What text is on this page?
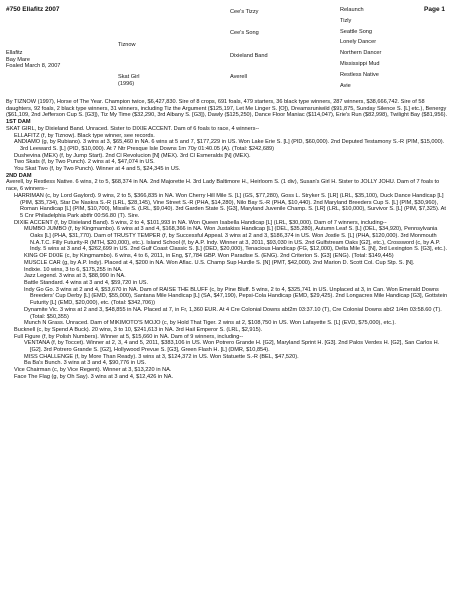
#750 Ellafitz 2007	Page 1
Ellafitz
Bay Mare
Foaled March 8, 2007
Tiznow
Skat Girl
(1996)
Cee's Tizzy
Cee's Song
Dixieland Band
Averell
Relaunch
Tizly
Seattle Song
Lonely Dancer
Northern Dancer
Mississippi Mud
Restless Native
Avie
By TIZNOW (1997), Horse of The Year. Champion twice, $6,427,830. Sire of 8 crops, 691 foals, 479 starters, 36 black type winners, 287 winners, $38,666,742. Sire of 58 daughters, 92 foals, 2 black type winners, 31 winners, including Tiz the Argument ($125,197, Let Me Linger S. [O]), Dreamsruniwild ($91,875, Sunday Silence S. [L] etc.), Benergy ($61,109, 2nd Jefferson Cup S. [G3]), Tiz My Time ($32,290, 3rd Albany S. [G3]), Dawly ($125,250), Dance Floor Maniac ($114,047), Erie's Run ($82,998), Twilight Bay ($81,956).
1ST DAM
SKAT GIRL, by Dixieland Band. Unraced. Sister to DIXIE ACCENT. Dam of 6 foals to race, 4 winners--
ELLAFITZ (f, by Tiznow). Black type winner, see records.
ANDIAMO (g, by Rubiano). 3 wins at 3, $65,460 in NA. 6 wins at 5 and 7, $177,229 in US. Won Lake Erie S. [L] (PID, $60,000). 2nd Deputed Testamony S.-R (PIM, $15,000). 3rd Leeward S. [L] (PID, $10,000). At 7 Ntr Presque Isle Downs 1m 70y 01:40.05 (A). (Total: $242,689)
Dushevina (MEX) (f, by Jump Start). 2nd Cl Revolucion [N] (MEX). 3rd Cl Esmeralds [N] (MEX).
Two Skats (f, by Two Punch). 2 wins at 4, $47,074 in US.
You Skat Two (f, by Two Punch). Winner at 4 and 5, $24,345 in US.
2ND DAM
Averell, by Restless Native. 6 wins, 2 to 5, $68,374 in NA. 2nd Majorette H. 3rd Lady Baltimore H., Heirloom S. (1 div), Susan's Girl H. Sister to JOLLY JOHU. Dam of 7 foals to race, 6 winners--
HARRIMAN (c, by Lord Gaylord). 9 wins, 2 to 5, $366,835 in NA. Won Cherry Hill Mile S. [L] (GS, $77,280), Goss L. Stryker S. [LR] (LRL, $35,100), Duck Dance Handicap [L] (PIM, $35,734), Star De Naskra S.-R (LRL, $28,145), Vine Street S.-R (PHA, $14,280), Nilo Bay S.-R (PHA, $10,440). 2nd Maryland Breeders Cup S. [L] (PIM, $30,960), Roman Handicap [L] (PIM, $10,700), Missile S. (LRL, $9,040). 3rd Garden State S. [G3], Maryland Juvenile Champ. S. [LR] (LRL, $10,000), Survivor S. [L] (PIM, $7,325). At 5 Cnr Philadelphia Park abtfir 00:56.80 (T). Sire.
DIXIE ACCENT (f, by Dixieland Band). 5 wins, 2 to 4, $101,993 in NA. Won Queen Isabella Handicap [L] (LRL, $30,000). Dam of 7 winners, including--
MUMBO JUMBO (f, by Kingmambo). 6 wins at 3 and 4, $168,366 in NA. Won Justakiss Handicap [L] (DEL, $35,280), Autumn Leaf S. [L] (DEL, $34,920), Pennsylvania Oaks [L] (PHA, $31,770). Dam of TRUSTY TEMPER (f, by Successful Appeal. 3 wins at 2 and 3, $186,374 in US. Won Jostle S. [L] (PHA, $120,000). 3rd Monmouth N.A.T.C. Filly Futurity-R (MTH, $20,000), etc.). Island School (f, by A.P. Indy. Winner at 3, 2011, $93,030 in US. 2nd Gulfstream Oaks [G2], etc.), Crossword (c, by A.P. Indy. 5 wins at 3 and 4, $262,699 in US. 2nd Gulf Coast Classic S. [L] (DED, $20,000), Tenacious Handicap (FG, $12,000), Delta Mile S. [N], 3rd Lexington S. [G3], etc.).
KING OF DIXIE (c, by Kingmambo). 6 wins, 4 to 6, 2011, in Eng, $7,784 GBP. Won Paradise S. (ENG). 2nd Criterion S. [G3] (ENG). (Total: $149,445)
MUSCLE CAR (g, by A.P. Indy). Placed at 4, $200 in NA. Won Aflac. U.S. Champ Sup Hurdle S. [N] (PMT, $42,000). 2nd Marion D. Scott Col. Cup Stp. S. [N].
Indixie. 10 wins, 3 to 6, $175,255 in NA.
Jazz Legend. 3 wins at 3, $88,990 in NA.
Battle Standard. 4 wins at 3 and 4, $59,720 in US.
Indy Go Go. 3 wins at 2 and 4, $53,670 in NA. Dam of RAISE THE BLUFF (c, by Pine Bluff. 5 wins, 2 to 4, $325,741 in US. Unplaced at 3, in Can. Won Emerald Downs Breeders' Cup Derby [L] (EMD, $55,000), Santana Mile Handicap [L] (SA, $47,190), Pepsi-Cola Handicap (EMD, $29,425). 2nd Longacres Mile Handicap [G3], Gottstein Futurity [L] (EMD, $20,000), etc. (Total: $342,706))
Dynamite Vic. 3 wins at 2 and 3, $48,855 in NA. Placed at 7, in Fr, 1,360 EUR. At 4 Cre Colonial Downs abt2m 03:37.10 (T), Cre Colonial Downs abt2 1/4m 03:58.60 (T). (Total: $50,355)
Munch N Grass. Unraced. Dam of MIKIMOTO'S MOJO (c, by Hold That Tiger. 2 wins at 2, $108,750 in US. Won Lafayette S. [L] (EVD, $75,000), etc.).
Bucknell (c, by Spend A Buck). 20 wins, 3 to 10, $241,613 in NA. 3rd Hail Emperor S. (LRL, $2,915).
Full Figure (f, by Polish Numbers). Winner at 5, $15,660 in NA. Dam of 9 winners, including--
VENTANA (f, by Toccet). Winner at 2, 3, 4 and 5, 2011, $383,106 in US. Won Potrero Grande H. [G2], Maryland Sprint H. [G3]. 2nd Palos Verdes H. [G2], San Carlos H. [G2]. 3rd Potrero Grande S. [G2], Hollywood Prevue S. [G3], Green Flash H. [L] (DMR, $10,854).
MISS CHALLENGE (f, by More Than Ready). 3 wins at 3, $124,372 in US. Won Statuette S.-R (BEL, $47,520).
Ba Ba's Bunch. 3 wins at 3 and 4, $90,776 in US.
Vice Chairman (c, by Vice Regent). Winner at 3, $13,220 in NA.
Face The Flag (g, by Oh Say). 3 wins at 3 and 4, $12,426 in NA.
